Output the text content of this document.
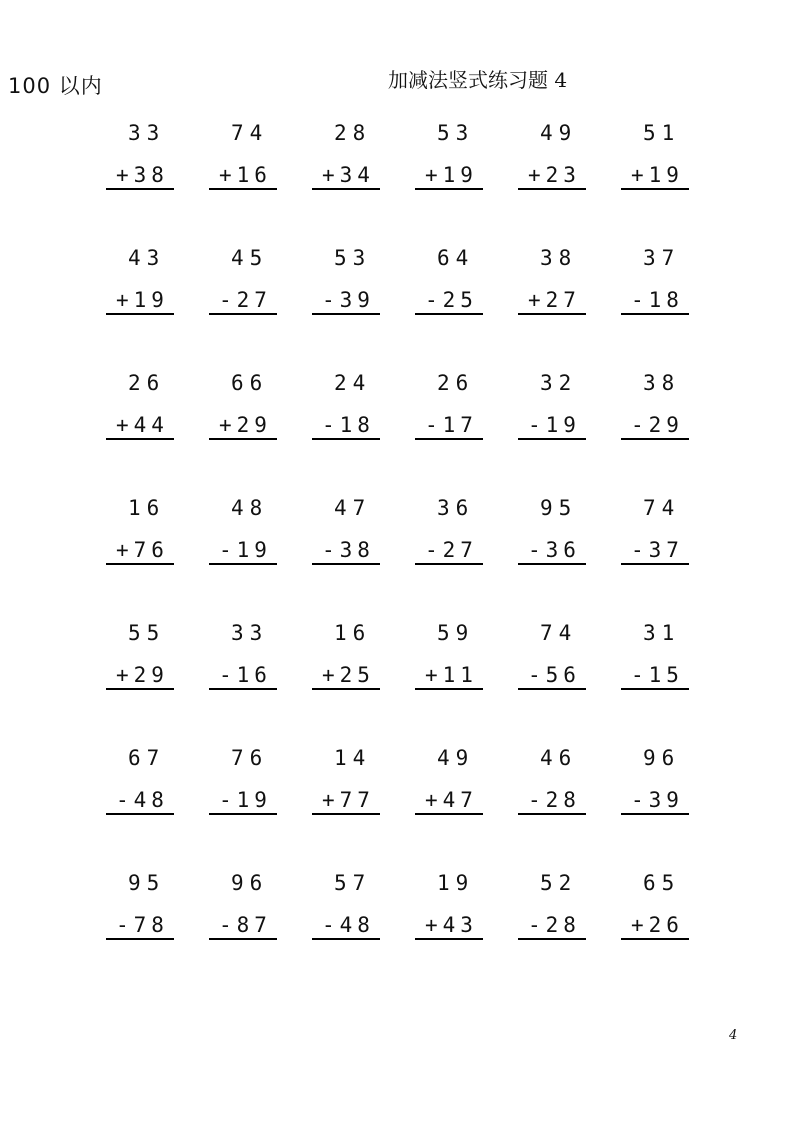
100 以内	加减法竖式练习题 4
33
+38
74
+16
28
+34
53
+19
49
+23
51
+19
43
+19
45
-27
53
-39
64
-25
38
+27
37
-18
26
+44
66
+29
24
-18
26
-17
32
-19
38
-29
16
+76
48
-19
47
-38
36
-27
95
-36
74
-37
55
+29
33
-16
16
+25
59
+11
74
-56
31
-15
67
-48
76
-19
14
+77
49
+47
46
-28
96
-39
95
-78
96
-87
57
-48
19
+43
52
-28
65
+26
4
